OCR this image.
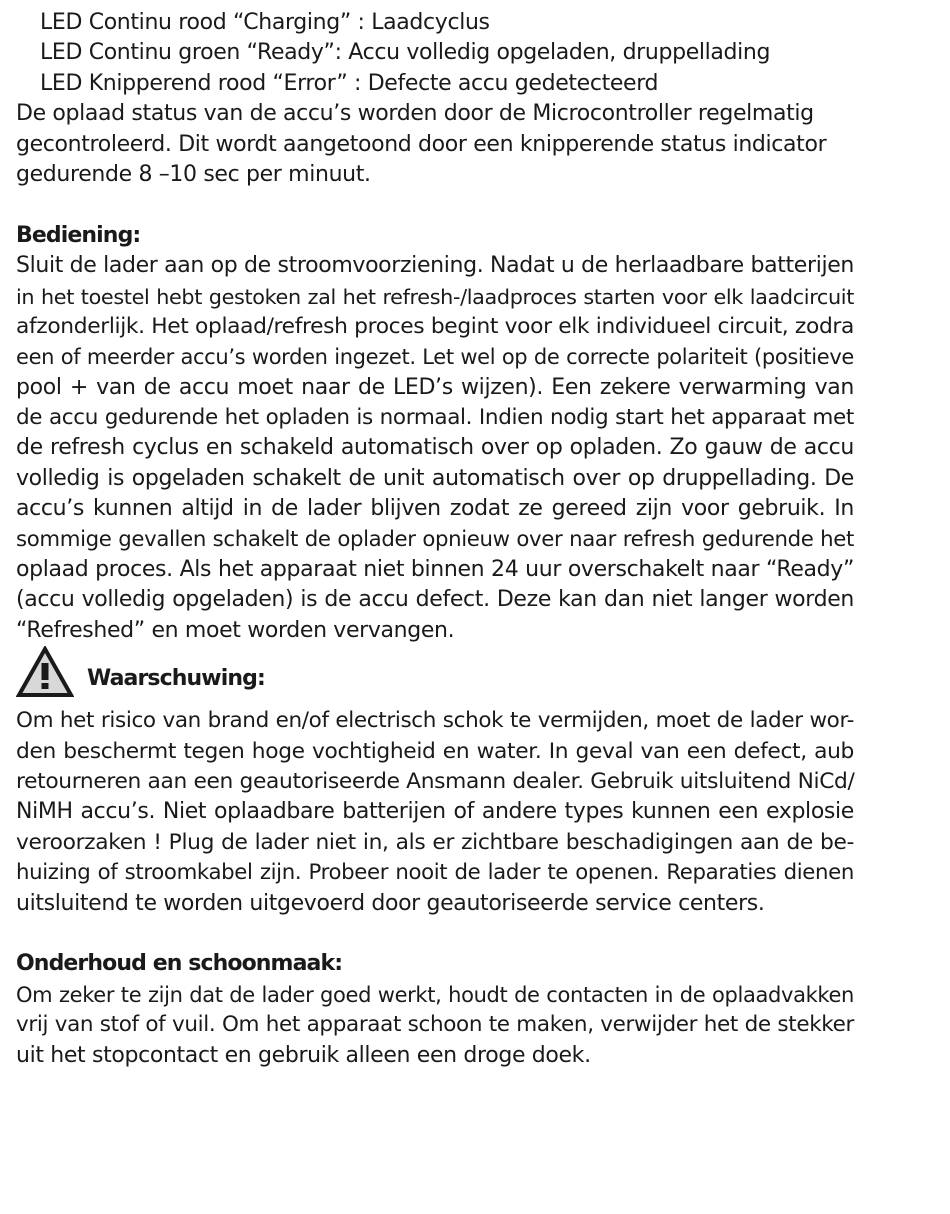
LED Continu rood “Charging” : Laadcyclus
LED Continu groen “Ready”: Accu volledig opgeladen, druppellading
LED Knipperend rood “Error” : Defecte accu gedetecteerd
De oplaad status van de accu’s worden door de Microcontroller regelmatig
gecontroleerd. Dit wordt aangetoond door een knipperende status indicator
gedurende 8 –10 sec per minuut.
Bediening:
Sluit de lader aan op de stroomvoorziening. Nadat u de herlaadbare batterijen
in het toestel hebt gestoken zal het refresh-/laadproces starten voor elk laadcircuit
afzonderlijk. Het oplaad/refresh proces begint voor elk individueel circuit, zodra
een of meerder accu’s worden ingezet. Let wel op de correcte polariteit (positieve
pool + van de accu moet naar de LED’s wijzen). Een zekere verwarming van
de accu gedurende het opladen is normaal. Indien nodig start het apparaat met
de refresh cyclus en schakeld automatisch over op opladen. Zo gauw de accu
volledig is opgeladen schakelt de unit automatisch over op druppellading. De
accu’s kunnen altijd in de lader blijven zodat ze gereed zijn voor gebruik. In
sommige gevallen schakelt de oplader opnieuw over naar refresh gedurende het
oplaad proces. Als het apparaat niet binnen 24 uur overschakelt naar “Ready”
(accu volledig opgeladen) is de accu defect. Deze kan dan niet langer worden
“Refreshed” en moet worden vervangen.
Waarschuwing:
Om het risico van brand en/of electrisch schok te vermijden, moet de lader wor-
den beschermt tegen hoge vochtigheid en water. In geval van een defect, aub
retourneren aan een geautoriseerde Ansmann dealer. Gebruik uitsluitend NiCd/
NiMH accu’s. Niet oplaadbare batterijen of andere types kunnen een explosie
veroorzaken ! Plug de lader niet in, als er zichtbare beschadigingen aan de be-
huizing of stroomkabel zijn. Probeer nooit de lader te openen. Reparaties dienen
uitsluitend te worden uitgevoerd door geautoriseerde service centers.
Onderhoud en schoonmaak:
Om zeker te zijn dat de lader goed werkt, houdt de contacten in de oplaadvakken
vrij van stof of vuil. Om het apparaat schoon te maken, verwijder het de stekker
uit het stopcontact en gebruik alleen een droge doek.
